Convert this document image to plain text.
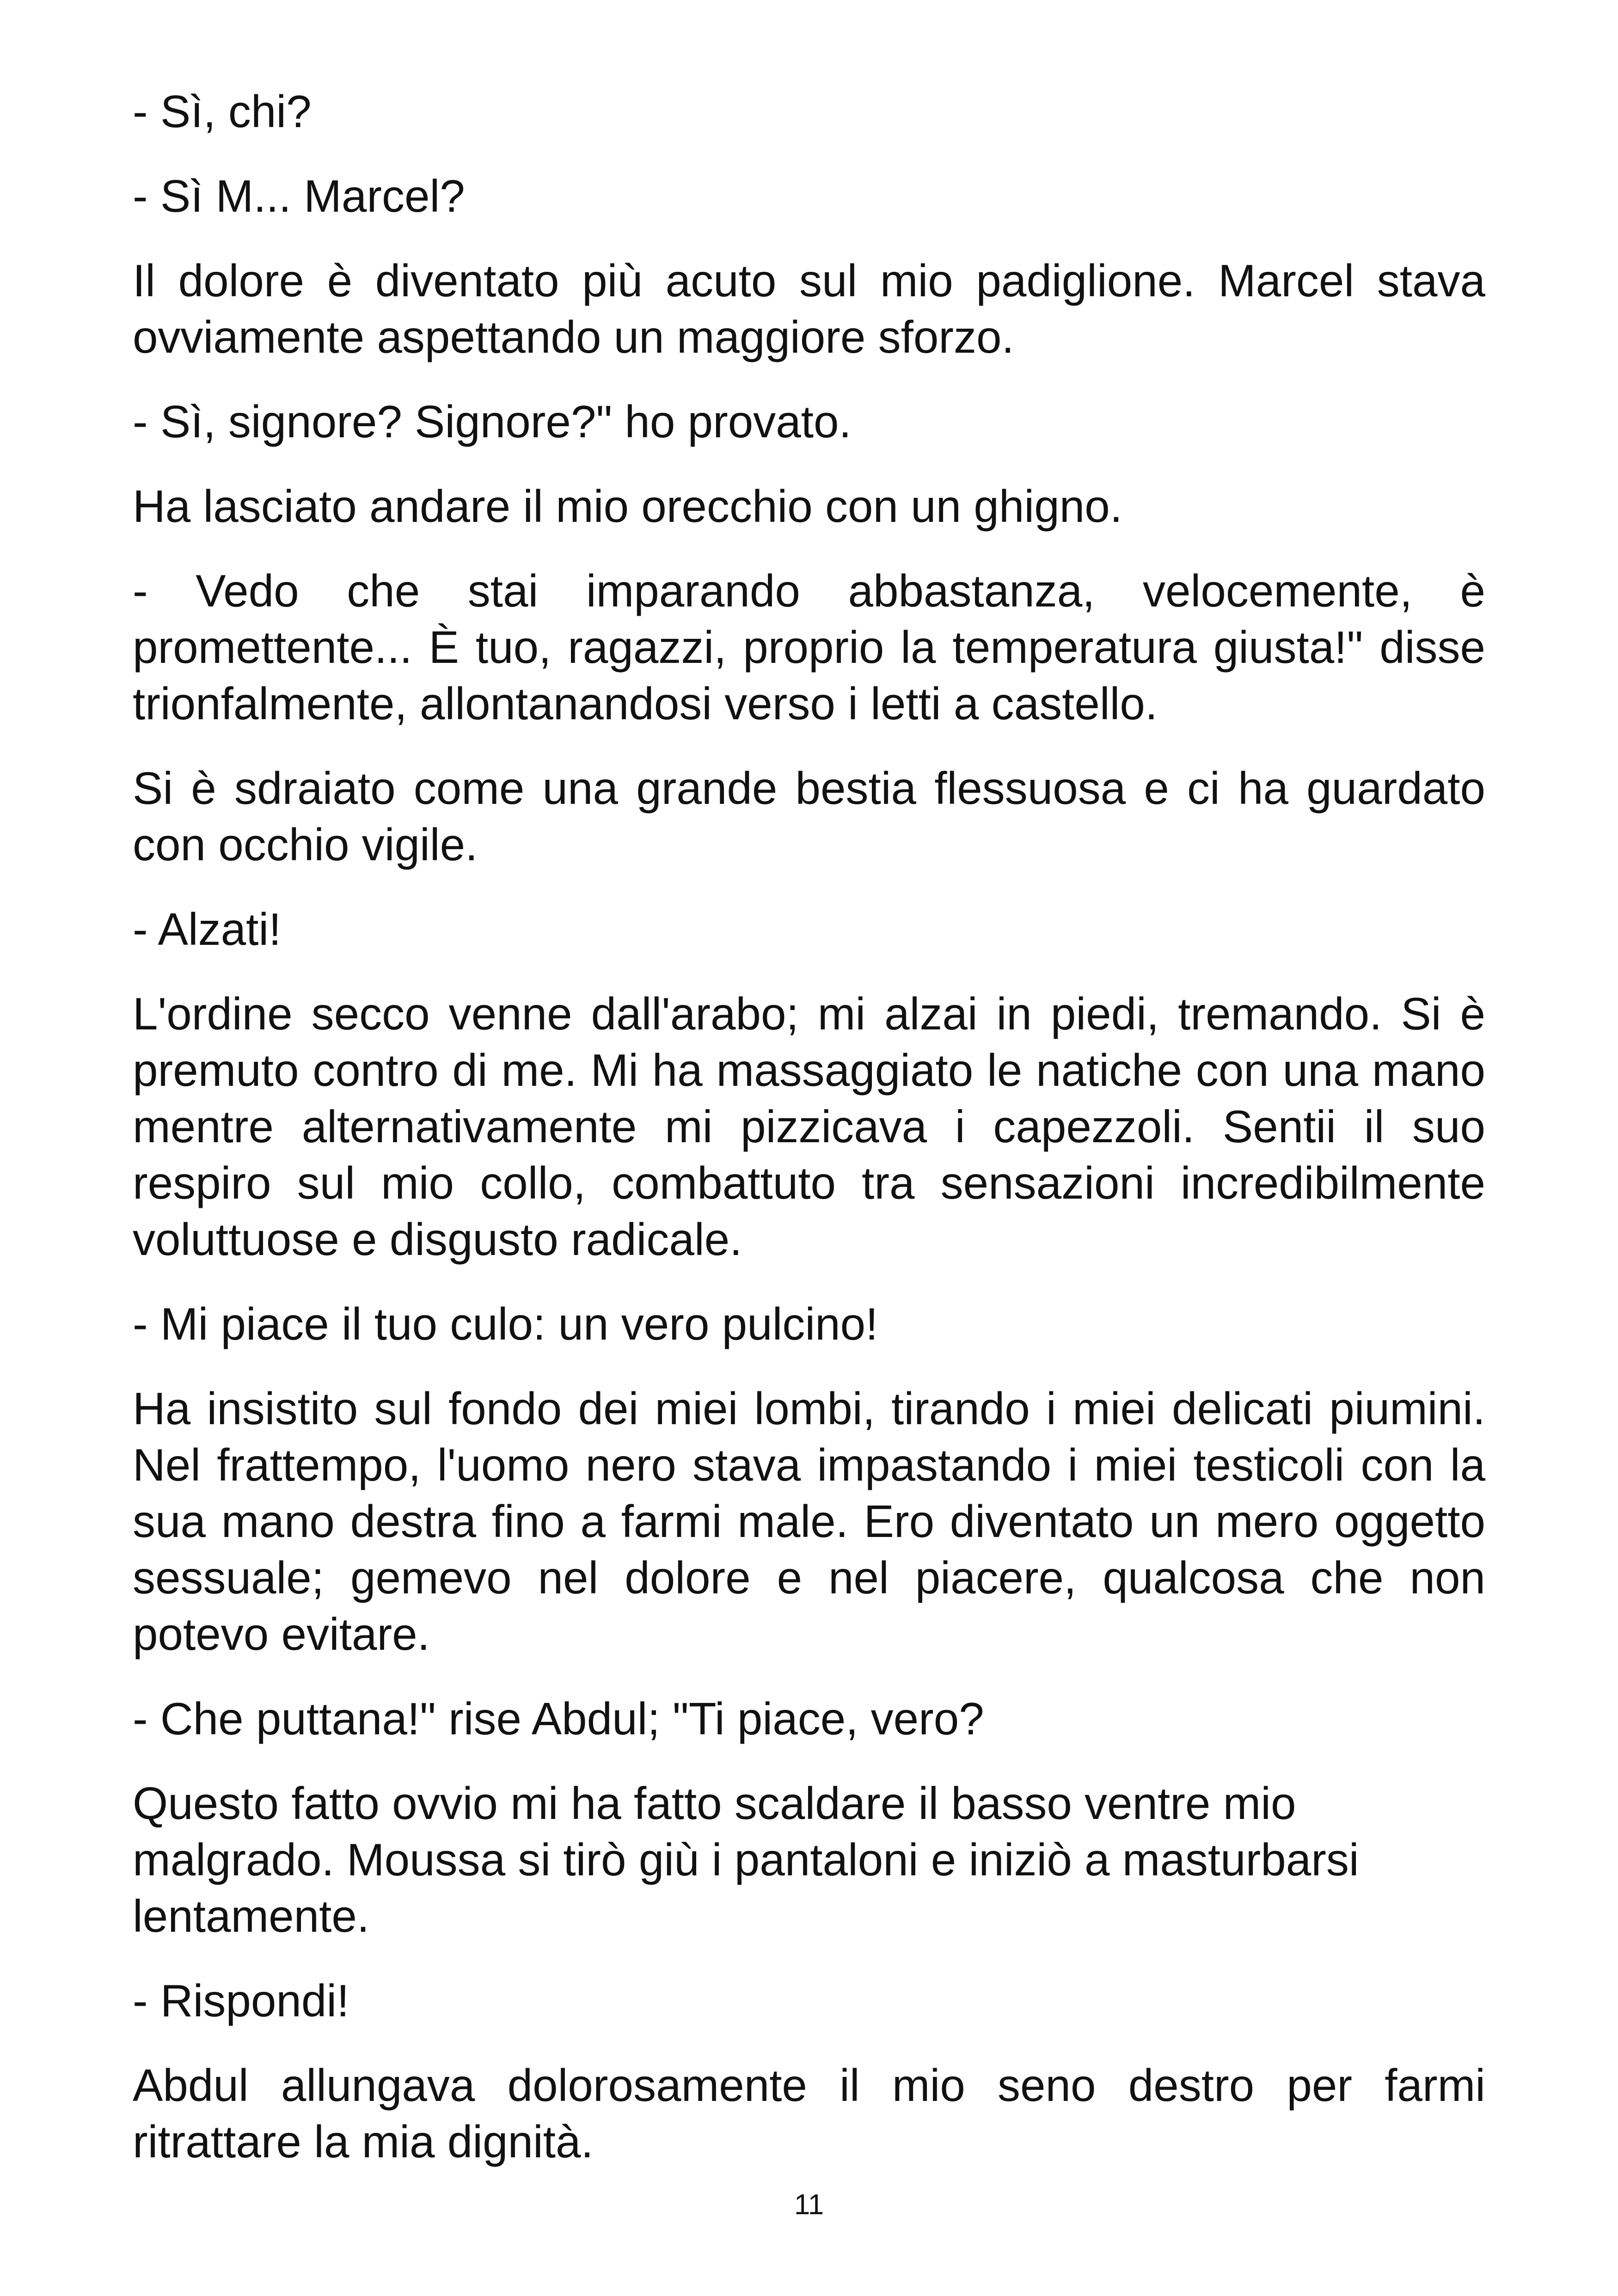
- Sì, chi?

- Sì M... Marcel?

Il dolore è diventato più acuto sul mio padiglione. Marcel stava ovviamente aspettando un maggiore sforzo.

- Sì, signore? Signore?" ho provato.

Ha lasciato andare il mio orecchio con un ghigno.

- Vedo che stai imparando abbastanza, velocemente, è promettente... È tuo, ragazzi, proprio la temperatura giusta!" disse trionfalmente, allontanandosi verso i letti a castello.

Si è sdraiato come una grande bestia flessuosa e ci ha guardato con occhio vigile.

- Alzati!

L'ordine secco venne dall'arabo; mi alzai in piedi, tremando. Si è premuto contro di me. Mi ha massaggiato le natiche con una mano mentre alternativamente mi pizzicava i capezzoli. Sentii il suo respiro sul mio collo, combattuto tra sensazioni incredibilmente voluttuose e disgusto radicale.

- Mi piace il tuo culo: un vero pulcino!

Ha insistito sul fondo dei miei lombi, tirando i miei delicati piumini. Nel frattempo, l'uomo nero stava impastando i miei testicoli con la sua mano destra fino a farmi male. Ero diventato un mero oggetto sessuale; gemevo nel dolore e nel piacere, qualcosa che non potevo evitare.

- Che puttana!" rise Abdul; "Ti piace, vero?

Questo fatto ovvio mi ha fatto scaldare il basso ventre mio malgrado. Moussa si tirò giù i pantaloni e iniziò a masturbarsi lentamente.

- Rispondi!

Abdul allungava dolorosamente il mio seno destro per farmi ritrattare la mia dignità.

11
